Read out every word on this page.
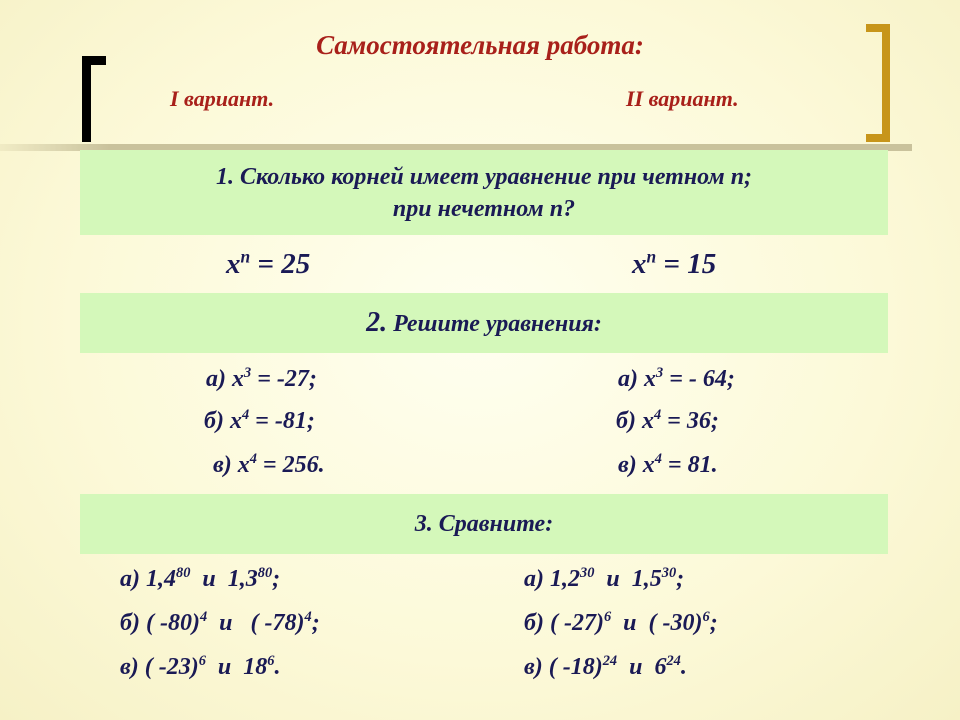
Самостоятельная работа:
I вариант.	II вариант.
1. Сколько корней имеет уравнение при четном n;
при нечетном n?
$x^n = 25$	$x^n = 15$
2. Решите уравнения:
а) $x^3 = -27$;
б) $x^4 = -81$;
в) $x^4 = 256$.
а) $x^3$ = - 64;
б) $x^4 = 36$;
в) $x^4 = 81$.
3. Сравните:
а) $1,4^{80}$  и  $1,3^{80}$;
б) ( -80)$^4$  и   ( -78)$^4$;
в) ( -23)$^6$  и  $18^6$.
а) $1,2^{30}$  и  $1,5^{30}$;
б) ( -27)$^6$  и  ( -30)$^6$;
в) ( -18)$^{24}$  и  $6^{24}$.
